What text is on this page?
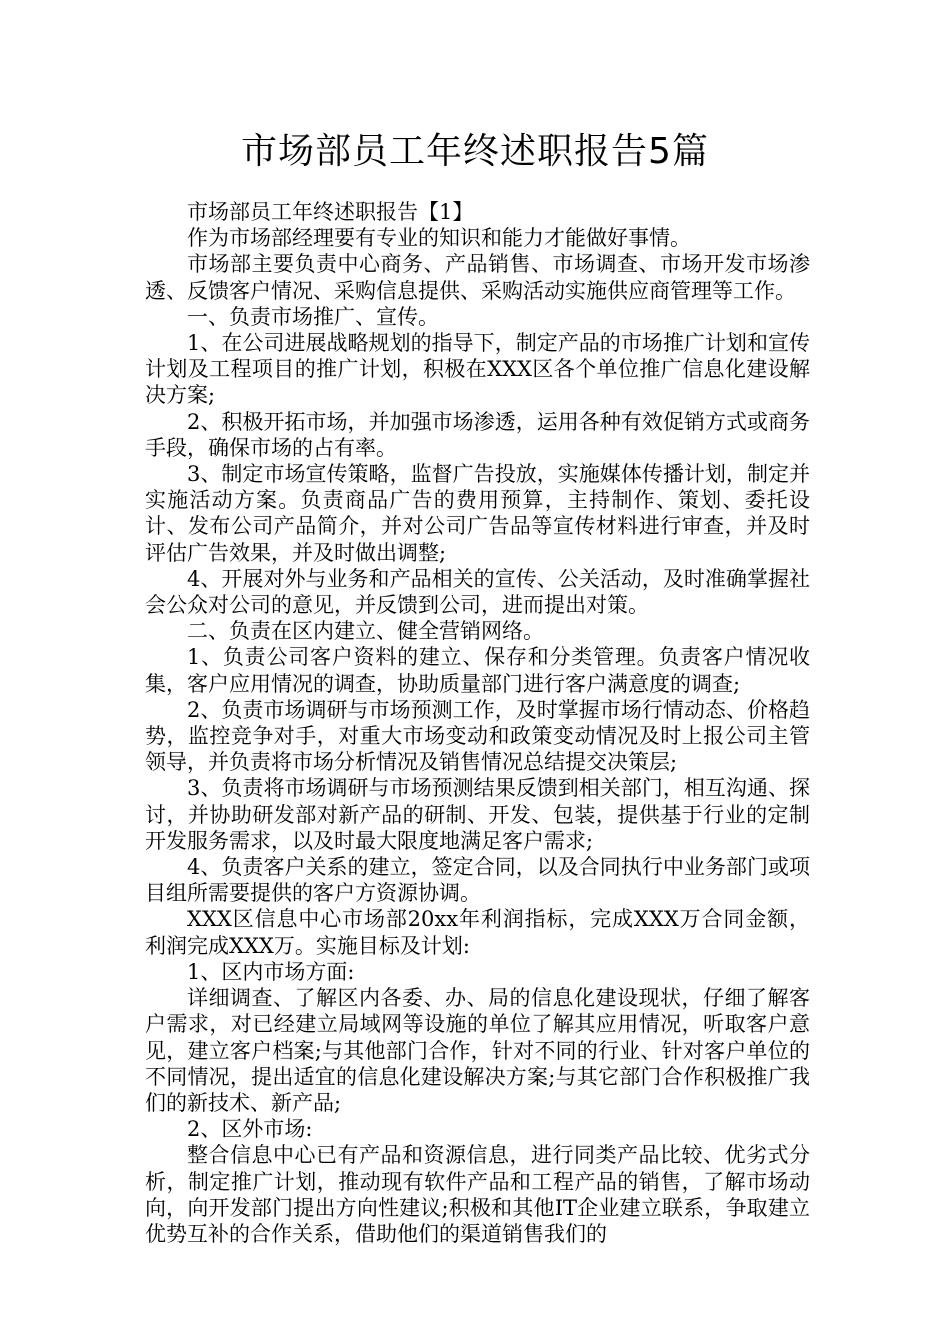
市场部员工年终述职报告5篇

市场部员工年终述职报告【1】

作为市场部经理要有专业的知识和能力才能做好事情。

市场部主要负责中心商务、产品销售、市场调查、市场开发市场渗透、反馈客户情况、采购信息提供、采购活动实施供应商管理等工作。

一、负责市场推广、宣传。

1、在公司进展战略规划的指导下，制定产品的市场推广计划和宣传计划及工程项目的推广计划，积极在XXX区各个单位推广信息化建设解决方案;

2、积极开拓市场，并加强市场渗透，运用各种有效促销方式或商务手段，确保市场的占有率。

3、制定市场宣传策略，监督广告投放，实施媒体传播计划，制定并实施活动方案。负责商品广告的费用预算，主持制作、策划、委托设计、发布公司产品简介，并对公司广告品等宣传材料进行审查，并及时评估广告效果，并及时做出调整;

4、开展对外与业务和产品相关的宣传、公关活动，及时准确掌握社会公众对公司的意见，并反馈到公司，进而提出对策。

二、负责在区内建立、健全营销网络。

1、负责公司客户资料的建立、保存和分类管理。负责客户情况收集，客户应用情况的调查，协助质量部门进行客户满意度的调查;

2、负责市场调研与市场预测工作，及时掌握市场行情动态、价格趋势，监控竞争对手，对重大市场变动和政策变动情况及时上报公司主管领导，并负责将市场分析情况及销售情况总结提交决策层;

3、负责将市场调研与市场预测结果反馈到相关部门，相互沟通、探讨，并协助研发部对新产品的研制、开发、包装，提供基于行业的定制开发服务需求，以及时最大限度地满足客户需求;

4、负责客户关系的建立，签定合同，以及合同执行中业务部门或项目组所需要提供的客户方资源协调。

XXX区信息中心市场部20xx年利润指标，完成XXX万合同金额，利润完成XXX万。实施目标及计划:

1、区内市场方面:

详细调查、了解区内各委、办、局的信息化建设现状，仔细了解客户需求，对已经建立局域网等设施的单位了解其应用情况，听取客户意见，建立客户档案;与其他部门合作，针对不同的行业、针对客户单位的不同情况，提出适宜的信息化建设解决方案;与其它部门合作积极推广我们的新技术、新产品;

2、区外市场:

整合信息中心已有产品和资源信息，进行同类产品比较、优劣式分析，制定推广计划，推动现有软件产品和工程产品的销售，了解市场动向，向开发部门提出方向性建议;积极和其他IT企业建立联系，争取建立优势互补的合作关系，借助他们的渠道销售我们的
